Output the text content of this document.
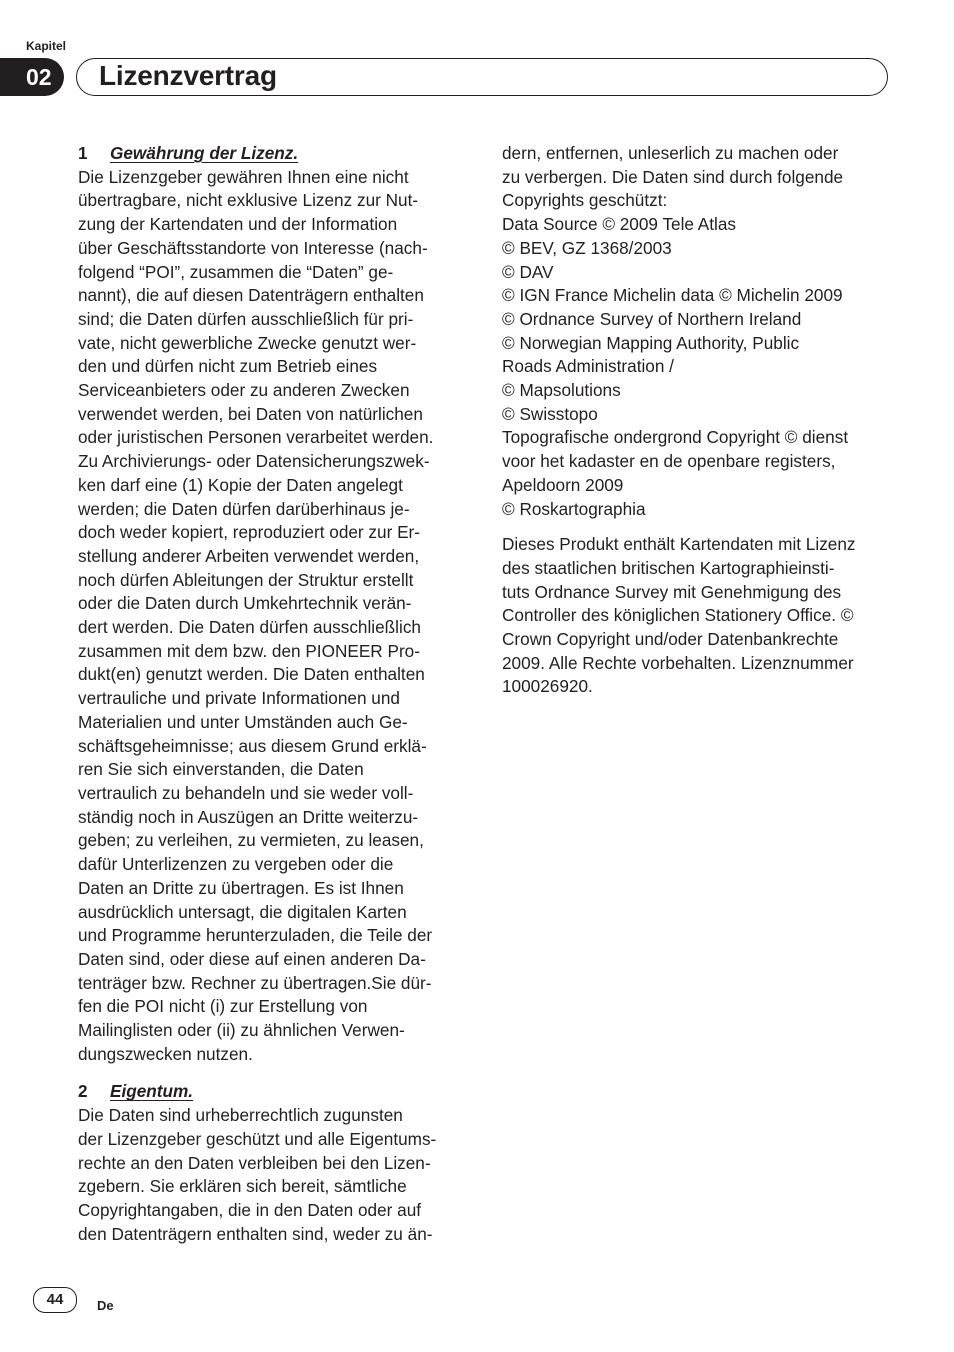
Kapitel
02	Lizenzvertrag
1 Gewährung der Lizenz.
Die Lizenzgeber gewähren Ihnen eine nicht
übertragbare, nicht exklusive Lizenz zur Nut-
zung der Kartendaten und der Information
über Geschäftsstandorte von Interesse (nach-
folgend “POI”, zusammen die “Daten” ge-
nannt), die auf diesen Datenträgern enthalten
sind; die Daten dürfen ausschließlich für pri-
vate, nicht gewerbliche Zwecke genutzt wer-
den und dürfen nicht zum Betrieb eines
Serviceanbieters oder zu anderen Zwecken
verwendet werden, bei Daten von natürlichen
oder juristischen Personen verarbeitet werden.
Zu Archivierungs- oder Datensicherungszwek-
ken darf eine (1) Kopie der Daten angelegt
werden; die Daten dürfen darüberhinaus je-
doch weder kopiert, reproduziert oder zur Er-
stellung anderer Arbeiten verwendet werden,
noch dürfen Ableitungen der Struktur erstellt
oder die Daten durch Umkehrtechnik verän-
dert werden. Die Daten dürfen ausschließlich
zusammen mit dem bzw. den PIONEER Pro-
dukt(en) genutzt werden. Die Daten enthalten
vertrauliche und private Informationen und
Materialien und unter Umständen auch Ge-
schäftsgeheimnisse; aus diesem Grund erklä-
ren Sie sich einverstanden, die Daten
vertraulich zu behandeln und sie weder voll-
ständig noch in Auszügen an Dritte weiterzu-
geben; zu verleihen, zu vermieten, zu leasen,
dafür Unterlizenzen zu vergeben oder die
Daten an Dritte zu übertragen. Es ist Ihnen
ausdrücklich untersagt, die digitalen Karten
und Programme herunterzuladen, die Teile der
Daten sind, oder diese auf einen anderen Da-
tenträger bzw. Rechner zu übertragen.Sie dür-
fen die POI nicht (i) zur Erstellung von
Mailinglisten oder (ii) zu ähnlichen Verwen-
dungszwecken nutzen.
2 Eigentum.
Die Daten sind urheberrechtlich zugunsten
der Lizenzgeber geschützt und alle Eigentums-
rechte an den Daten verbleiben bei den Lizen-
zgebern. Sie erklären sich bereit, sämtliche
Copyrightangaben, die in den Daten oder auf
den Datenträgern enthalten sind, weder zu än-
dern, entfernen, unleserlich zu machen oder
zu verbergen. Die Daten sind durch folgende
Copyrights geschützt:
Data Source © 2009 Tele Atlas
© BEV, GZ 1368/2003
© DAV
© IGN France Michelin data © Michelin 2009
© Ordnance Survey of Northern Ireland
© Norwegian Mapping Authority, Public
Roads Administration /
© Mapsolutions
© Swisstopo
Topografische ondergrond Copyright © dienst
voor het kadaster en de openbare registers,
Apeldoorn 2009
© Roskartographia
Dieses Produkt enthält Kartendaten mit Lizenz
des staatlichen britischen Kartographieinsti-
tuts Ordnance Survey mit Genehmigung des
Controller des königlichen Stationery Office. ©
Crown Copyright und/oder Datenbankrechte
2009. Alle Rechte vorbehalten. Lizenznummer
100026920.
44	De
